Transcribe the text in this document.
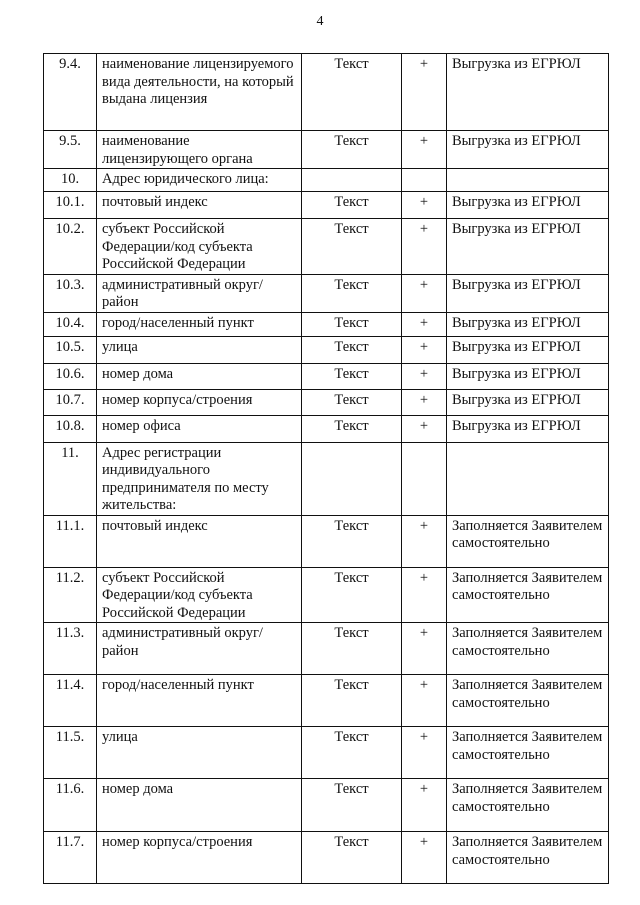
4
9.4.	наименование лицензируемого вида деятельности, на который выдана лицензия	Текст	+	Выгрузка из ЕГРЮЛ
9.5.	наименование лицензирующего органа	Текст	+	Выгрузка из ЕГРЮЛ
10.	Адрес юридического лица:			
10.1.	почтовый индекс	Текст	+	Выгрузка из ЕГРЮЛ
10.2.	субъект Российской Федерации/код субъекта Российской Федерации	Текст	+	Выгрузка из ЕГРЮЛ
10.3.	административный округ/ район	Текст	+	Выгрузка из ЕГРЮЛ
10.4.	город/населенный пункт	Текст	+	Выгрузка из ЕГРЮЛ
10.5.	улица	Текст	+	Выгрузка из ЕГРЮЛ
10.6.	номер дома	Текст	+	Выгрузка из ЕГРЮЛ
10.7.	номер корпуса/строения	Текст	+	Выгрузка из ЕГРЮЛ
10.8.	номер офиса	Текст	+	Выгрузка из ЕГРЮЛ
11.	Адрес регистрации индивидуального предпринимателя по месту жительства:			
11.1.	почтовый индекс	Текст	+	Заполняется Заявителем самостоятельно
11.2.	субъект Российской Федерации/код субъекта Российской Федерации	Текст	+	Заполняется Заявителем самостоятельно
11.3.	административный округ/ район	Текст	+	Заполняется Заявителем самостоятельно
11.4.	город/населенный пункт	Текст	+	Заполняется Заявителем самостоятельно
11.5.	улица	Текст	+	Заполняется Заявителем самостоятельно
11.6.	номер дома	Текст	+	Заполняется Заявителем самостоятельно
11.7.	номер корпуса/строения	Текст	+	Заполняется Заявителем самостоятельно
